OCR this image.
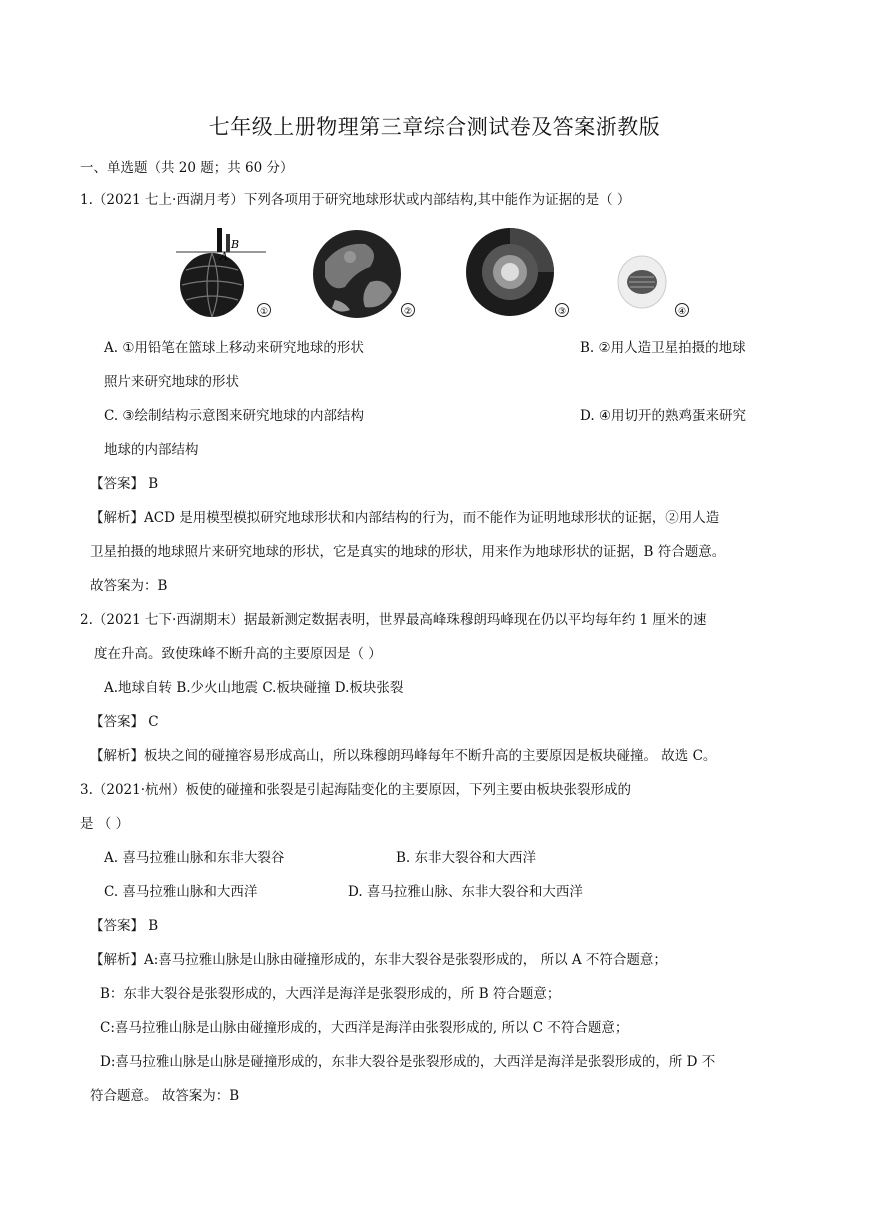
七年级上册物理第三章综合测试卷及答案浙教版
一、单选题（共 20 题；共 60 分）
1.（2021 七上·西湖月考）下列各项用于研究地球形状或内部结构,其中能作为证据的是（ ）
B
A
①	②	③	④
A. ①用铅笔在篮球上移动来研究地球的形状	B. ②用人造卫星拍摄的地球
照片来研究地球的形状
C. ③绘制结构示意图来研究地球的内部结构	D. ④用切开的熟鸡蛋来研究
地球的内部结构
【答案】 B
【解析】ACD 是用模型模拟研究地球形状和内部结构的行为，而不能作为证明地球形状的证据，②用人造
卫星拍摄的地球照片来研究地球的形状，它是真实的地球的形状，用来作为地球形状的证据，B 符合题意。
故答案为：B
2.（2021 七下·西湖期末）据最新测定数据表明，世界最高峰珠穆朗玛峰现在仍以平均每年约 1 厘米的速
度在升高。致使珠峰不断升高的主要原因是（ ）
A.地球自转 B.少火山地震 C.板块碰撞 D.板块张裂
【答案】 C
【解析】板块之间的碰撞容易形成高山，所以珠穆朗玛峰每年不断升高的主要原因是板块碰撞。 故选 C。
3.（2021·杭州）板使的碰撞和张裂是引起海陆变化的主要原因，下列主要由板块张裂形成的
是 （ ）
A. 喜马拉雅山脉和东非大裂谷	B. 东非大裂谷和大西洋
C. 喜马拉雅山脉和大西洋	D. 喜马拉雅山脉、东非大裂谷和大西洋
【答案】 B
【解析】A:喜马拉雅山脉是山脉由碰撞形成的，东非大裂谷是张裂形成的， 所以 A 不符合题意；
B：东非大裂谷是张裂形成的，大西洋是海洋是张裂形成的，所 B 符合题意；
C:喜马拉雅山脉是山脉由碰撞形成的，大西洋是海洋由张裂形成的, 所以 C 不符合题意；
D:喜马拉雅山脉是山脉是碰撞形成的，东非大裂谷是张裂形成的，大西洋是海洋是张裂形成的，所 D 不
符合题意。 故答案为：B
